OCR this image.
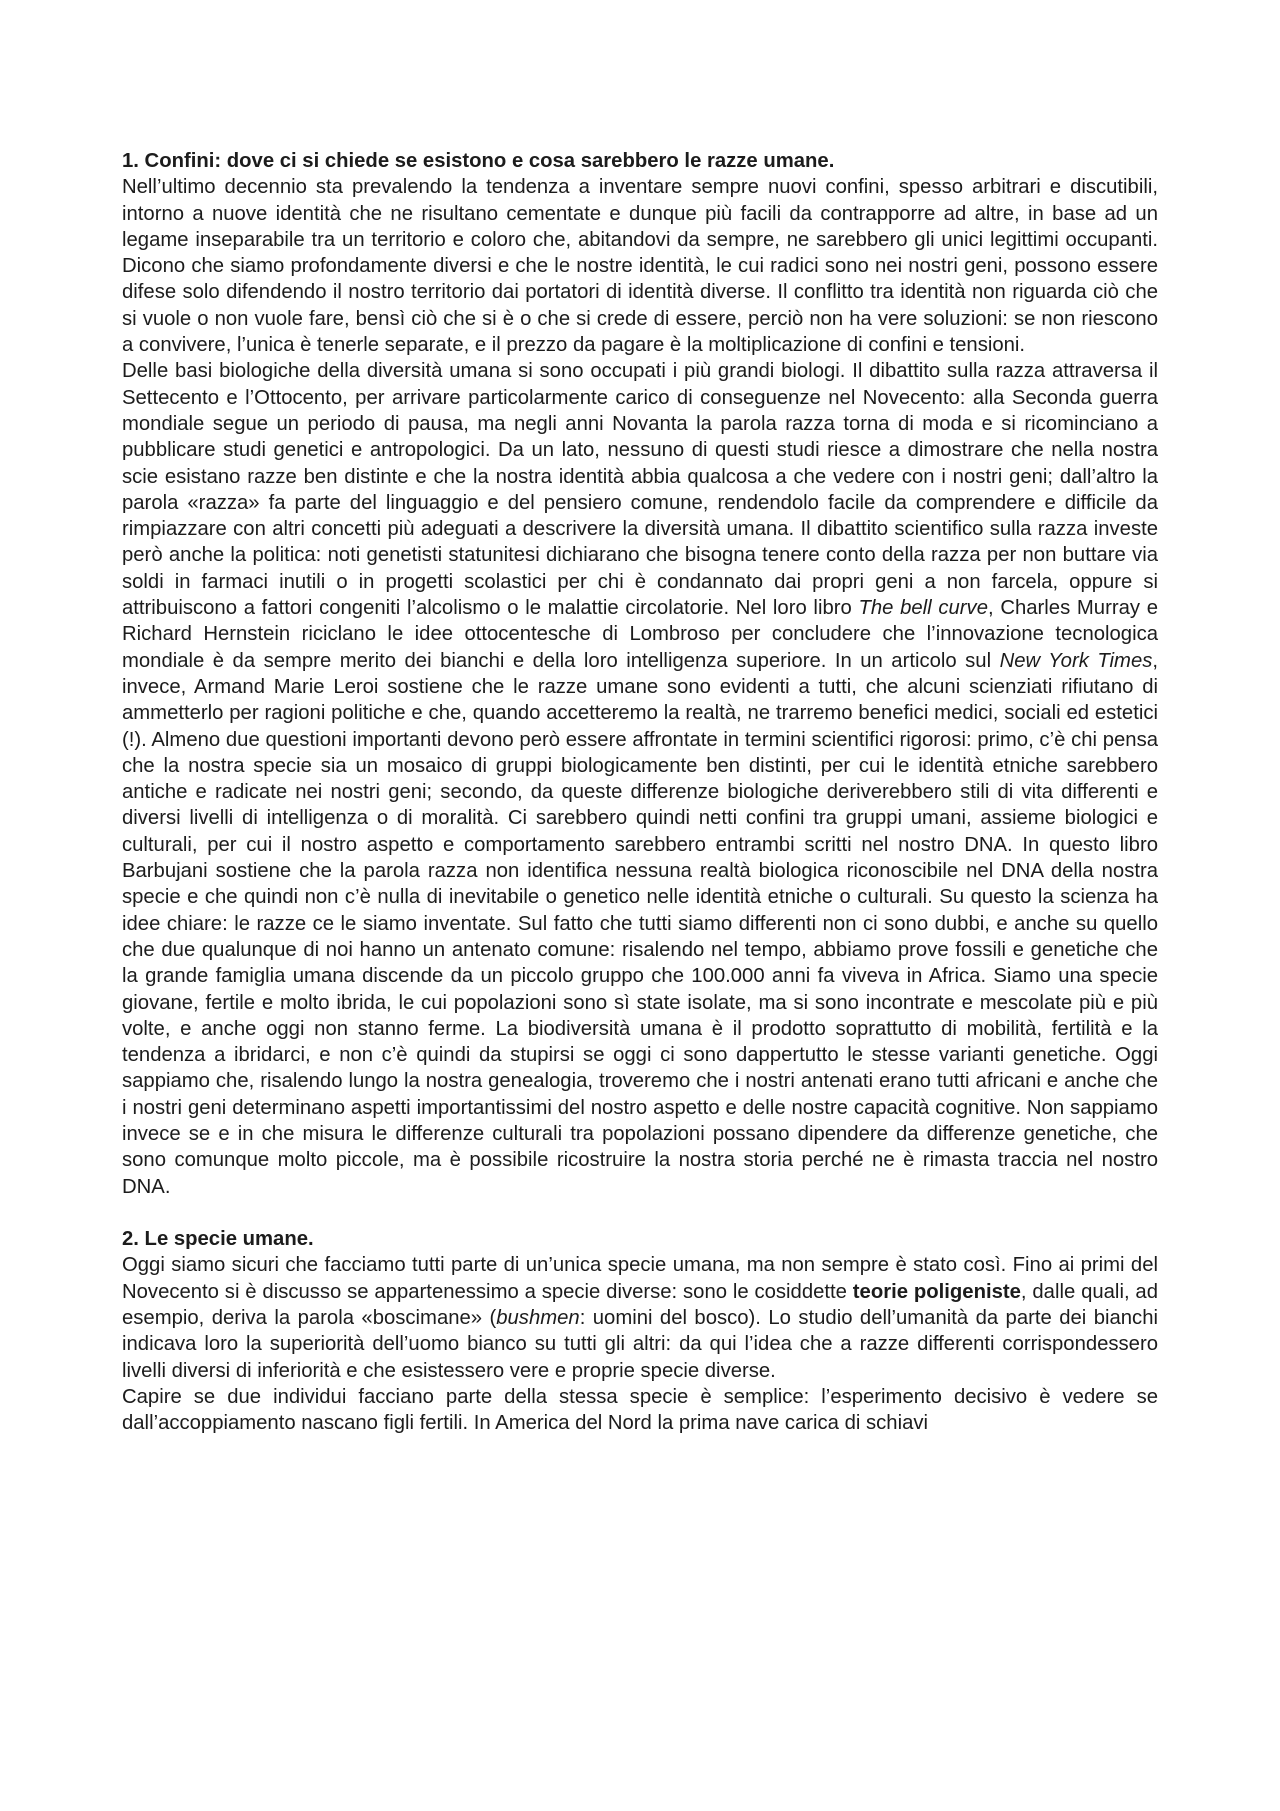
1. Confini: dove ci si chiede se esistono e cosa sarebbero le razze umane.

Nell’ultimo decennio sta prevalendo la tendenza a inventare sempre nuovi confini, spesso arbitrari e discutibili, intorno a nuove identità che ne risultano cementate e dunque più facili da contrapporre ad altre, in base ad un legame inseparabile tra un territorio e coloro che, abitandovi da sempre, ne sarebbero gli unici legittimi occupanti. Dicono che siamo profondamente diversi e che le nostre identità, le cui radici sono nei nostri geni, possono essere difese solo difendendo il nostro territorio dai portatori di identità diverse. Il conflitto tra identità non riguarda ciò che si vuole o non vuole fare, bensì ciò che si è o che si crede di essere, perciò non ha vere soluzioni: se non riescono a convivere, l’unica è tenerle separate, e il prezzo da pagare è la moltiplicazione di confini e tensioni.

Delle basi biologiche della diversità umana si sono occupati i più grandi biologi. Il dibattito sulla razza attraversa il Settecento e l’Ottocento, per arrivare particolarmente carico di conseguenze nel Novecento: alla Seconda guerra mondiale segue un periodo di pausa, ma negli anni Novanta la parola razza torna di moda e si ricominciano a pubblicare studi genetici e antropologici. Da un lato, nessuno di questi studi riesce a dimostrare che nella nostra scie esistano razze ben distinte e che la nostra identità abbia qualcosa a che vedere con i nostri geni; dall’altro la parola «razza» fa parte del linguaggio e del pensiero comune, rendendolo facile da comprendere e difficile da rimpiazzare con altri concetti più adeguati a descrivere la diversità umana. Il dibattito scientifico sulla razza investe però anche la politica: noti genetisti statunitesi dichiarano che bisogna tenere conto della razza per non buttare via soldi in farmaci inutili o in progetti scolastici per chi è condannato dai propri geni a non farcela, oppure si attribuiscono a fattori congeniti l’alcolismo o le malattie circolatorie. Nel loro libro The bell curve, Charles Murray e Richard Hernstein riciclano le idee ottocentesche di Lombroso per concludere che l’innovazione tecnologica mondiale è da sempre merito dei bianchi e della loro intelligenza superiore. In un articolo sul New York Times, invece, Armand Marie Leroi sostiene che le razze umane sono evidenti a tutti, che alcuni scienziati rifiutano di ammetterlo per ragioni politiche e che, quando accetteremo la realtà, ne trarremo benefici medici, sociali ed estetici (!). Almeno due questioni importanti devono però essere affrontate in termini scientifici rigorosi: primo, c’è chi pensa che la nostra specie sia un mosaico di gruppi biologicamente ben distinti, per cui le identità etniche sarebbero antiche e radicate nei nostri geni; secondo, da queste differenze biologiche deriverebbero stili di vita differenti e diversi livelli di intelligenza o di moralità. Ci sarebbero quindi netti confini tra gruppi umani, assieme biologici e culturali, per cui il nostro aspetto e comportamento sarebbero entrambi scritti nel nostro DNA. In questo libro Barbujani sostiene che la parola razza non identifica nessuna realtà biologica riconoscibile nel DNA della nostra specie e che quindi non c’è nulla di inevitabile o genetico nelle identità etniche o culturali. Su questo la scienza ha idee chiare: le razze ce le siamo inventate. Sul fatto che tutti siamo differenti non ci sono dubbi, e anche su quello che due qualunque di noi hanno un antenato comune: risalendo nel tempo, abbiamo prove fossili e genetiche che la grande famiglia umana discende da un piccolo gruppo che 100.000 anni fa viveva in Africa. Siamo una specie giovane, fertile e molto ibrida, le cui popolazioni sono sì state isolate, ma si sono incontrate e mescolate più e più volte, e anche oggi non stanno ferme. La biodiversità umana è il prodotto soprattutto di mobilità, fertilità e la tendenza a ibridarci, e non c’è quindi da stupirsi se oggi ci sono dappertutto le stesse varianti genetiche. Oggi sappiamo che, risalendo lungo la nostra genealogia, troveremo che i nostri antenati erano tutti africani e anche che i nostri geni determinano aspetti importantissimi del nostro aspetto e delle nostre capacità cognitive. Non sappiamo invece se e in che misura le differenze culturali tra popolazioni possano dipendere da differenze genetiche, che sono comunque molto piccole, ma è possibile ricostruire la nostra storia perché ne è rimasta traccia nel nostro DNA.

2. Le specie umane.

Oggi siamo sicuri che facciamo tutti parte di un’unica specie umana, ma non sempre è stato così. Fino ai primi del Novecento si è discusso se appartenessimo a specie diverse: sono le cosiddette teorie poligeniste, dalle quali, ad esempio, deriva la parola «boscimane» (bushmen: uomini del bosco). Lo studio dell’umanità da parte dei bianchi indicava loro la superiorità dell’uomo bianco su tutti gli altri: da qui l’idea che a razze differenti corrispondessero livelli diversi di inferiorità e che esistessero vere e proprie specie diverse.

Capire se due individui facciano parte della stessa specie è semplice: l’esperimento decisivo è vedere se dall’accoppiamento nascano figli fertili. In America del Nord la prima nave carica di schiavi
